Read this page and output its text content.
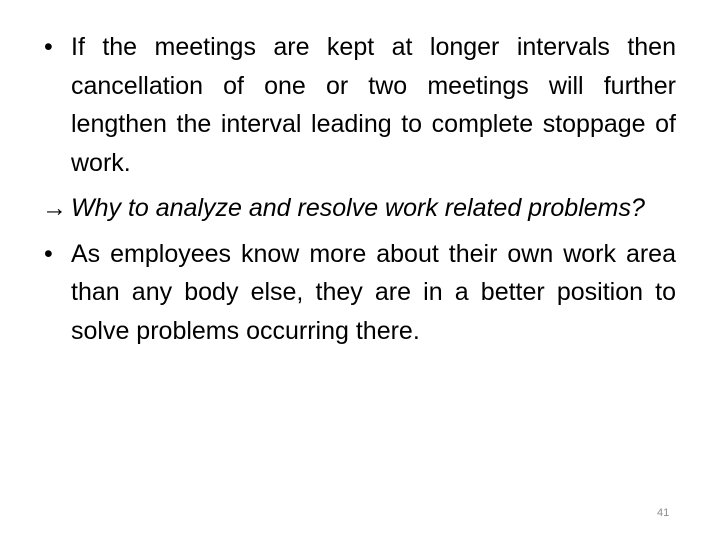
• If the meetings are kept at longer intervals then cancellation of one or two meetings will further lengthen the interval leading to complete stoppage of work.
→ Why to analyze and resolve work related problems?
• As employees know more about their own work area than any body else, they are in a better position to solve problems occurring there.
41
